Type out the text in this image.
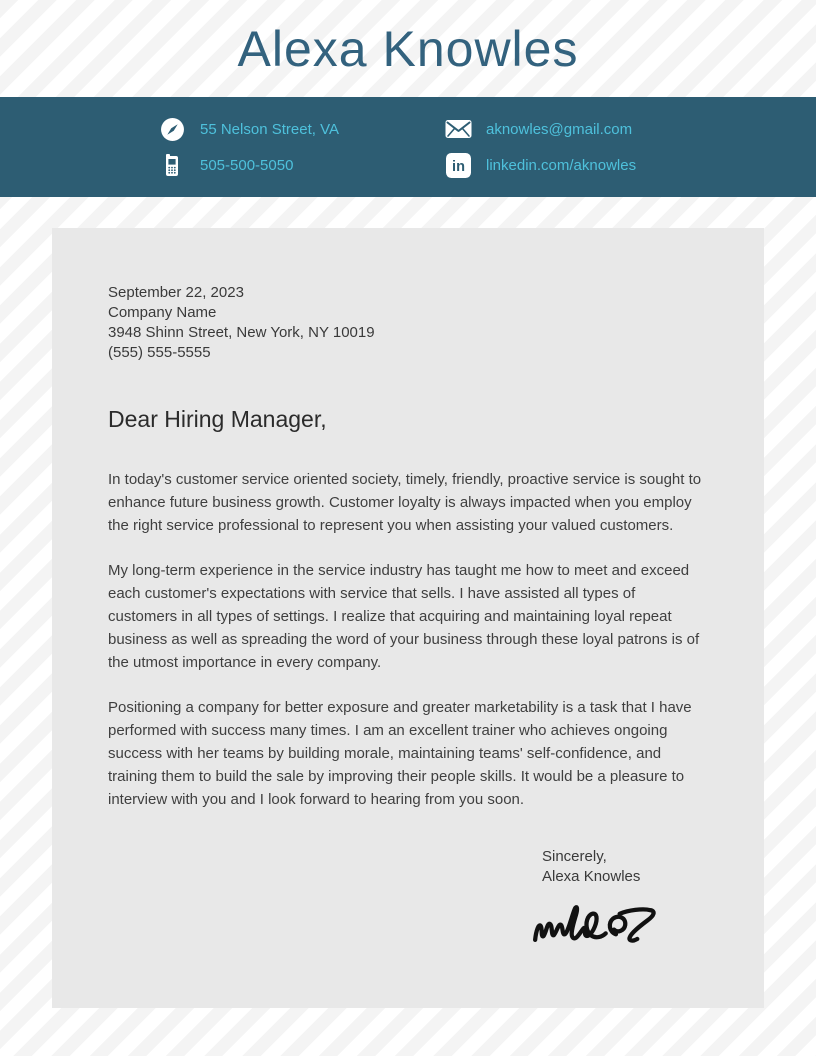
Alexa Knowles
55 Nelson Street, VA
505-500-5050
aknowles@gmail.com
in linkedin.com/aknowles
September 22, 2023
Company Name
3948 Shinn Street, New York, NY 10019
(555) 555-5555
Dear Hiring Manager,

In today's customer service oriented society, timely, friendly, proactive service is sought to enhance future business growth. Customer loyalty is always impacted when you employ the right service professional to represent you when assisting your valued customers.

My long-term experience in the service industry has taught me how to meet and exceed each customer's expectations with service that sells. I have assisted all types of customers in all types of settings. I realize that acquiring and maintaining loyal repeat business as well as spreading the word of your business through these loyal patrons is of the utmost importance in every company.

Positioning a company for better exposure and greater marketability is a task that I have performed with success many times. I am an excellent trainer who achieves ongoing success with her teams by building morale, maintaining teams' self-confidence, and training them to build the sale by improving their people skills. It would be a pleasure to interview with you and I look forward to hearing from you soon.

Sincerely,
Alexa Knowles
